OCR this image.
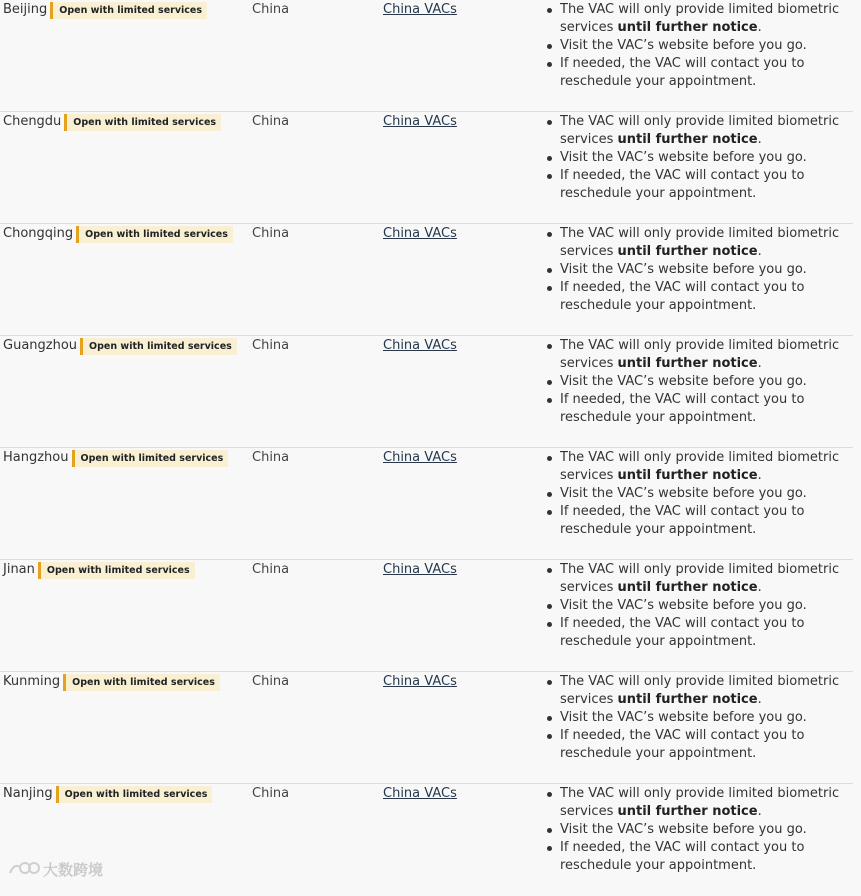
Beijing	Open with limited services	China	China VACs	The VAC will only provide limited biometric services until further notice.
Visit the VAC’s website before you go.
If needed, the VAC will contact you to reschedule your appointment.
Chengdu	Open with limited services	China	China VACs	The VAC will only provide limited biometric services until further notice.
Visit the VAC’s website before you go.
If needed, the VAC will contact you to reschedule your appointment.
Chongqing	Open with limited services	China	China VACs	The VAC will only provide limited biometric services until further notice.
Visit the VAC’s website before you go.
If needed, the VAC will contact you to reschedule your appointment.
Guangzhou	Open with limited services	China	China VACs	The VAC will only provide limited biometric services until further notice.
Visit the VAC’s website before you go.
If needed, the VAC will contact you to reschedule your appointment.
Hangzhou	Open with limited services	China	China VACs	The VAC will only provide limited biometric services until further notice.
Visit the VAC’s website before you go.
If needed, the VAC will contact you to reschedule your appointment.
Jinan	Open with limited services	China	China VACs	The VAC will only provide limited biometric services until further notice.
Visit the VAC’s website before you go.
If needed, the VAC will contact you to reschedule your appointment.
Kunming	Open with limited services	China	China VACs	The VAC will only provide limited biometric services until further notice.
Visit the VAC’s website before you go.
If needed, the VAC will contact you to reschedule your appointment.
Nanjing	Open with limited services	China	China VACs	The VAC will only provide limited biometric services until further notice.
Visit the VAC’s website before you go.
If needed, the VAC will contact you to reschedule your appointment.
大数跨境
